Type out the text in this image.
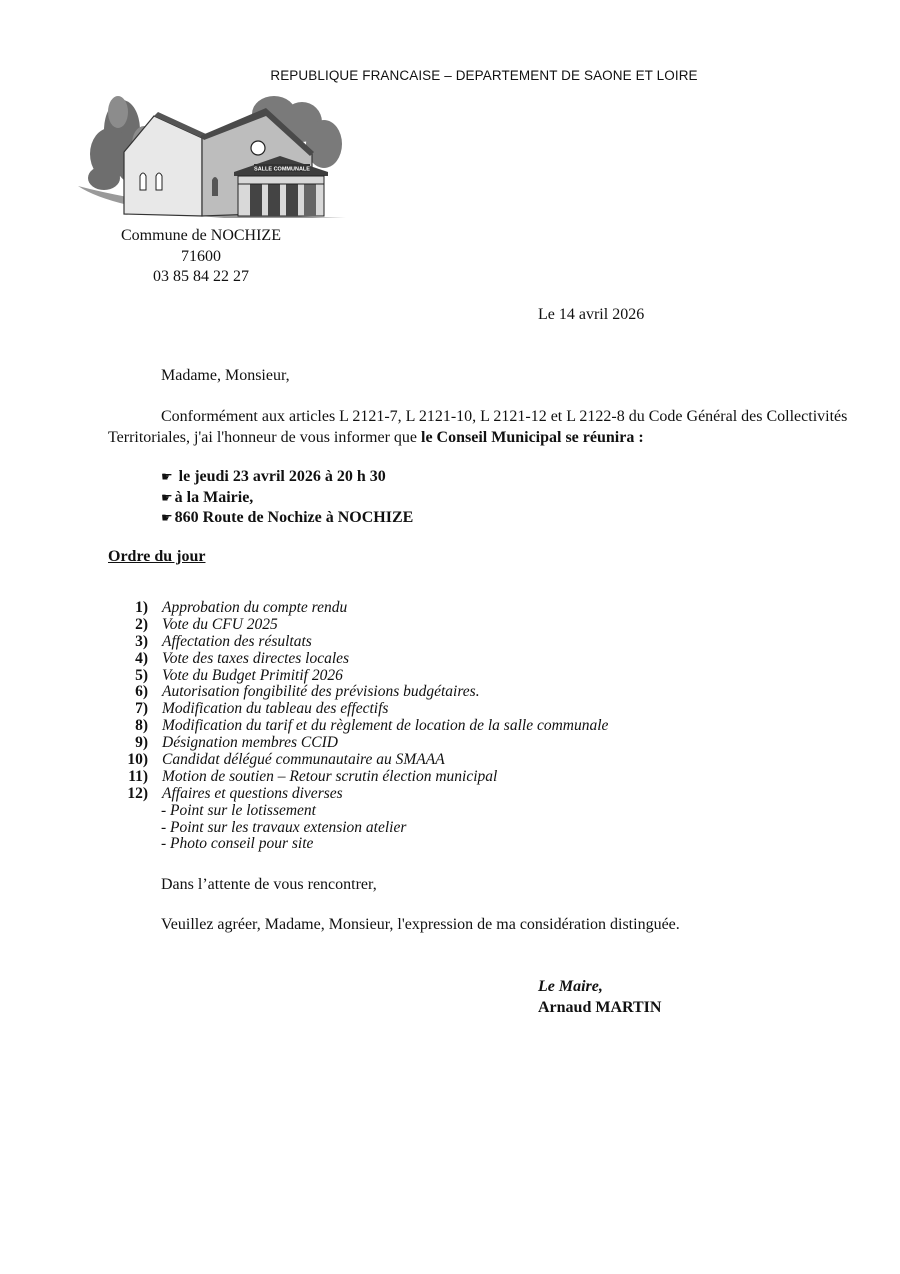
REPUBLIQUE FRANCAISE – DEPARTEMENT DE SAONE ET LOIRE
SALLE COMMUNALE
Commune de NOCHIZE
71600
03 85 84 22 27
Le 14 avril 2026
Madame, Monsieur,
Conformément aux articles L 2121-7, L 2121-10, L 2121-12 et L 2122-8 du Code Général des Collectivités Territoriales, j'ai l'honneur de vous informer que le Conseil Municipal se réunira :
☛ le jeudi 23 avril 2026 à 20 h 30
☛ à la Mairie,
☛ 860 Route de Nochize à NOCHIZE
Ordre du jour
1) Approbation du compte rendu
2) Vote du CFU 2025
3) Affectation des résultats
4) Vote des taxes directes locales
5) Vote du Budget Primitif 2026
6) Autorisation fongibilité des prévisions budgétaires.
7) Modification du tableau des effectifs
8) Modification du tarif et du règlement de location de la salle communale
9) Désignation membres CCID
10) Candidat délégué communautaire au SMAAA
11) Motion de soutien – Retour scrutin élection municipal
12) Affaires et questions diverses
- Point sur le lotissement
- Point sur les travaux extension atelier
- Photo conseil pour site
Dans l’attente de vous rencontrer,
Veuillez agréer, Madame, Monsieur, l'expression de ma considération distinguée.
Le Maire,
Arnaud MARTIN
